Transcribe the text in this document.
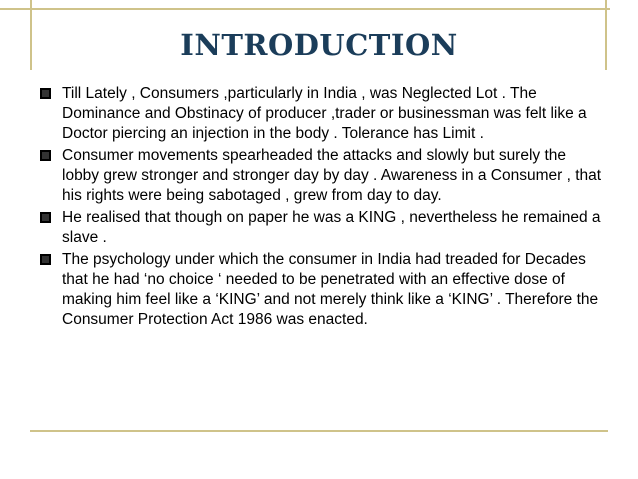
INTRODUCTION
Till Lately , Consumers ,particularly in India , was Neglected Lot . The Dominance and Obstinacy of producer ,trader or businessman was felt like a Doctor piercing an injection in the body . Tolerance has Limit .
Consumer movements spearheaded the attacks and slowly but surely the lobby grew stronger and stronger day by day . Awareness in a Consumer , that his rights were being sabotaged , grew from day to day.
He realised that though on paper he was a KING , nevertheless he remained a slave .
The psychology under which the consumer in India had treaded for Decades that he had ‘no choice ‘ needed to be penetrated with an effective dose of making him feel like a ‘KING’ and not merely think like a ‘KING’ . Therefore the Consumer Protection Act 1986 was enacted.
